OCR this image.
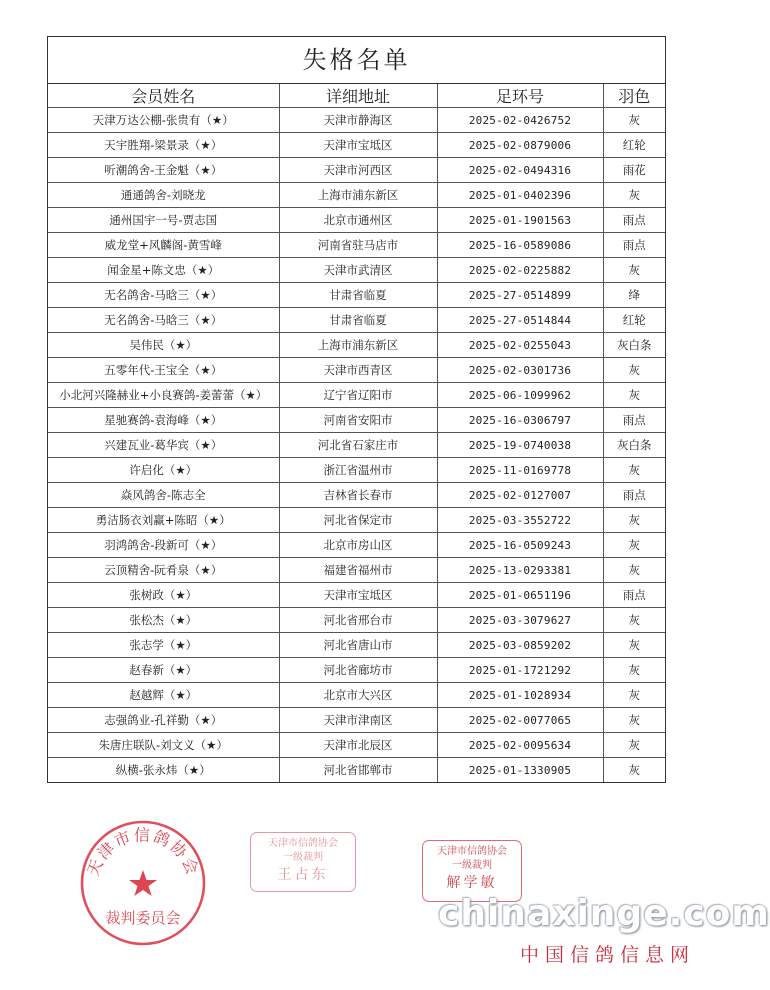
失格名单
会员姓名	详细地址	足环号	羽色
天津万达公棚-张贵有（★）	天津市静海区	2025-02-0426752	灰
天宇胜翔-梁景录（★）	天津市宝坻区	2025-02-0879006	红轮
听潮鸽舍-王金魁（★）	天津市河西区	2025-02-0494316	雨花
通通鸽舍-刘晓龙	上海市浦东新区	2025-01-0402396	灰
通州国宇一号-贾志国	北京市通州区	2025-01-1901563	雨点
威龙堂+风麟阁-黄雪峰	河南省驻马店市	2025-16-0589086	雨点
闻金星+陈文忠（★）	天津市武清区	2025-02-0225882	灰
无名鸽舍-马晗三（★）	甘肃省临夏	2025-27-0514899	绛
无名鸽舍-马晗三（★）	甘肃省临夏	2025-27-0514844	红轮
吴伟民（★）	上海市浦东新区	2025-02-0255043	灰白条
五零年代-王宝全（★）	天津市西青区	2025-02-0301736	灰
小北河兴隆赫业+小良赛鸽-姜蕾蕾（★）	辽宁省辽阳市	2025-06-1099962	灰
星驰赛鸽-袁海峰（★）	河南省安阳市	2025-16-0306797	雨点
兴建瓦业-葛华宾（★）	河北省石家庄市	2025-19-0740038	灰白条
许启化（★）	浙江省温州市	2025-11-0169778	灰
焱风鸽舍-陈志全	吉林省长春市	2025-02-0127007	雨点
勇洁肠衣刘赢+陈昭（★）	河北省保定市	2025-03-3552722	灰
羽鸿鸽舍-段新可（★）	北京市房山区	2025-16-0509243	灰
云顶精舍-阮肴泉（★）	福建省福州市	2025-13-0293381	灰
张树政（★）	天津市宝坻区	2025-01-0651196	雨点
张松杰（★）	河北省邢台市	2025-03-3079627	灰
张志学（★）	河北省唐山市	2025-03-0859202	灰
赵春新（★）	河北省廊坊市	2025-01-1721292	灰
赵越辉（★）	北京市大兴区	2025-01-1028934	灰
志强鸽业-孔祥勤（★）	天津市津南区	2025-02-0077065	灰
朱唐庄联队-刘文义（★）	天津市北辰区	2025-02-0095634	灰
纵横-张永炜（★）	河北省邯郸市	2025-01-1330905	灰
天津市信鸽协会
裁判委员会
天津市信鸽协会
一级裁判
王占东
天津市信鸽协会
一级裁判
解学敏
chinaxinge.com
中国信鸽信息网
